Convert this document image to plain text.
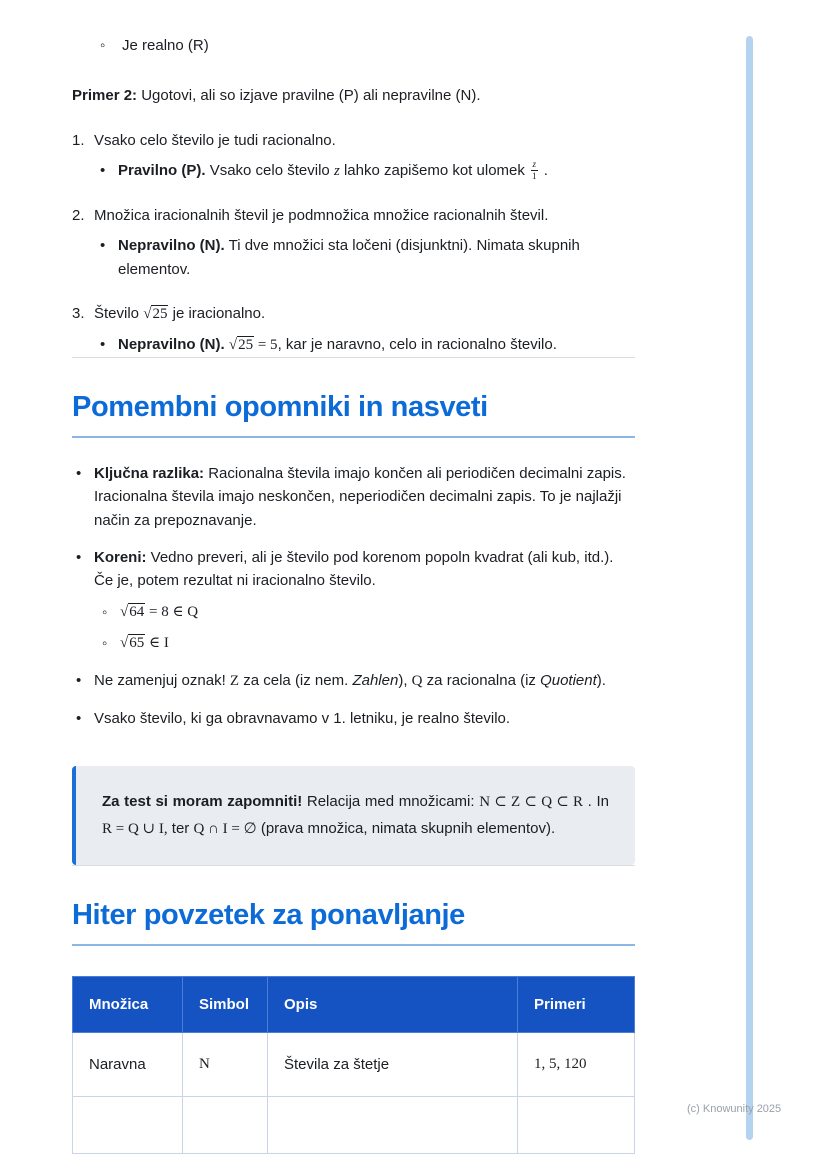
◦	Je realno (R)

Primer 2: Ugotovi, ali so izjave pravilne (P) ali nepravilne (N).

1. Vsako celo število je tudi racionalno.

• Pravilno (P). Vsako celo število z lahko zapišemo kot ulomek $\frac{z}{1}$ .
2. Množica iracionalnih števil je podmnožica množice racionalnih števil.

• Nepravilno (N). Ti dve množici sta ločeni (disjunktni). Nimata skupnih elementov.
3. Število √25 je iracionalno.

• Nepravilno (N). √25 = 5, kar je naravno, celo in racionalno število.
Pomembni opomniki in nasveti
• Ključna razlika: Racionalna števila imajo končen ali periodičen decimalni zapis. Iracionalna števila imajo neskončen, neperiodičen decimalni zapis. To je najlažji način za prepoznavanje.
• Koreni: Vedno preveri, ali je število pod korenom popoln kvadrat (ali kub, itd.). Če je, potem rezultat ni iracionalno število.
◦ √64 = 8 ∈ Q
◦ √65 ∈ I
• Ne zamenjuj oznak! Z za cela (iz nem. Zahlen), Q za racionalna (iz Quotient).
• Vsako število, ki ga obravnavamo v 1. letniku, je realno število.

Za test si moram zapomniti! Relacija med množicami: N ⊂ Z ⊂ Q ⊂ R . In R = Q ∪ I, ter Q ∩ I = ∅ (prava množica, nimata skupnih elementov).

Hiter povzetek za ponavljanje
Množica	Simbol	Opis	Primeri
Naravna	N	Števila za štetje	1, 5, 120

(c) Knowunity 2025
